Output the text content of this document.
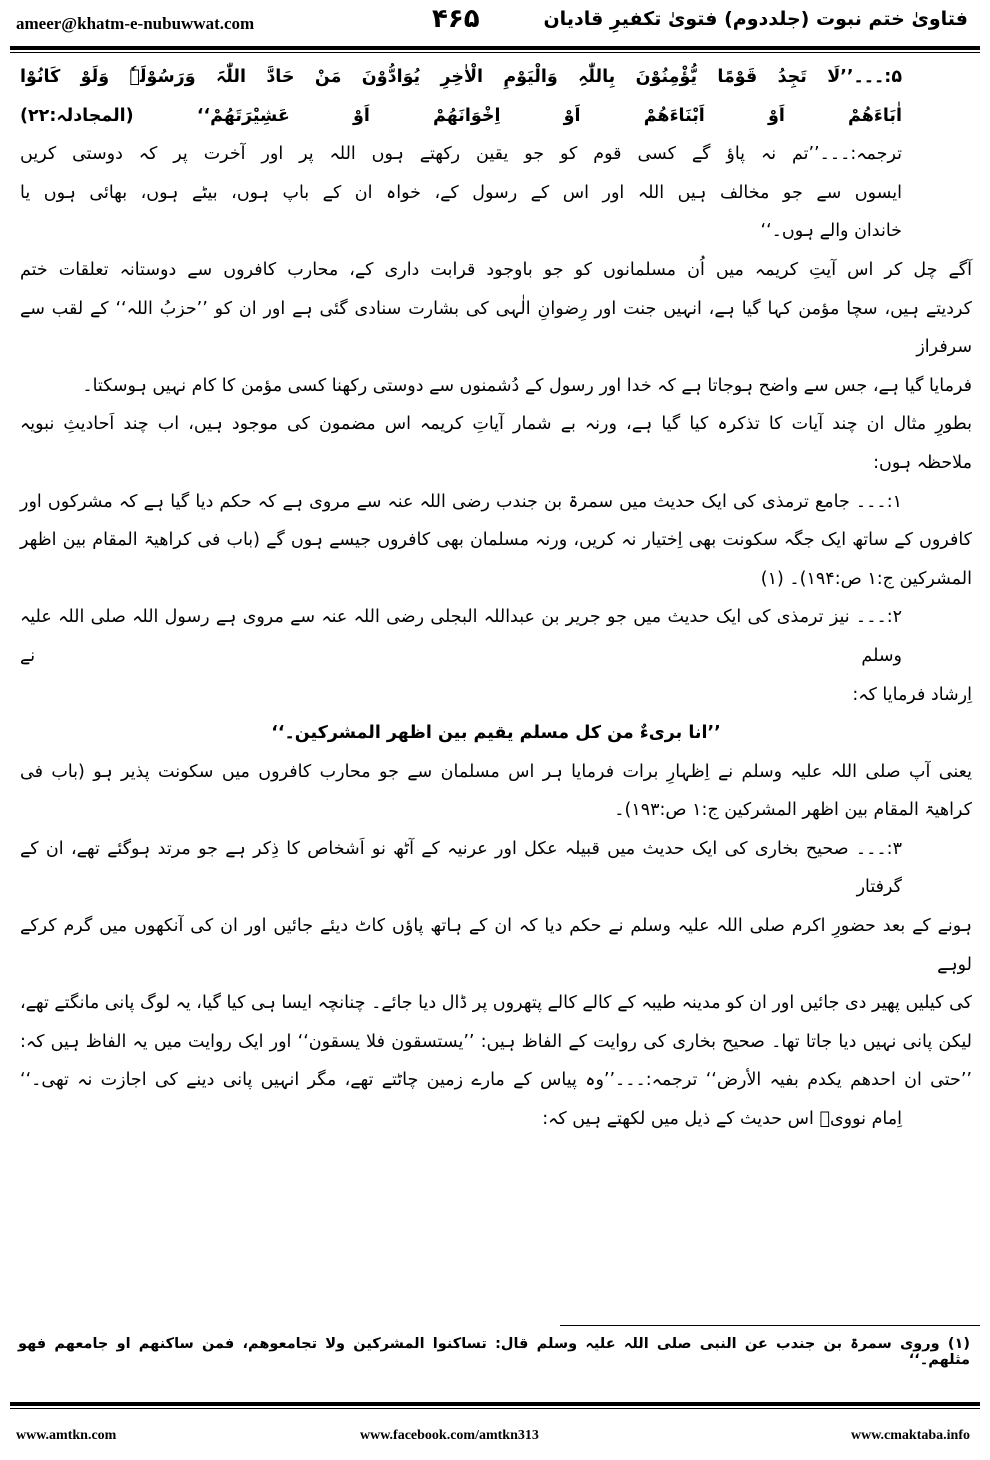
ameer@khatm-e-nubuwwat.com	۴۶۵	فتاویٰ ختم نبوت (جلددوم) فتویٰ تکفیرِ قادیان
۵:۔۔۔’’لَا تَجِدُ قَوْمًا یُّؤْمِنُوْنَ بِاللّٰہِ وَالْیَوْمِ الْاٰخِرِ یُوَادُّوْنَ مَنْ حَادَّ اللّٰہَ وَرَسُوْلَہٗ وَلَوْ کَانُوْا
اٰبَاءَھُمْ اَوْ اَبْنَاءَھُمْ اَوْ اِخْوَانَھُمْ اَوْ عَشِیْرَتَھُمْ‘‘ (المجادلہ:۲۲)
ترجمہ:۔۔۔’’تم نہ پاؤ گے کسی قوم کو جو یقین رکھتے ہوں اللہ پر اور آخرت پر کہ دوستی کریں
ایسوں سے جو مخالف ہیں اللہ اور اس کے رسول کے، خواہ ان کے باپ ہوں، بیٹے ہوں، بھائی ہوں یا
خاندان والے ہوں۔‘‘
آگے چل کر اس آیتِ کریمہ میں اُن مسلمانوں کو جو باوجود قرابت داری کے، محارب کافروں سے دوستانہ تعلقات ختم
کردیتے ہیں، سچا مؤمن کہا گیا ہے، انہیں جنت اور رِضوانِ الٰہی کی بشارت سنادی گئی ہے اور ان کو ’’حزبُ اللہ‘‘ کے لقب سے سرفراز
فرمایا گیا ہے، جس سے واضح ہوجاتا ہے کہ خدا اور رسول کے دُشمنوں سے دوستی رکھنا کسی مؤمن کا کام نہیں ہوسکتا۔
بطورِ مثال ان چند آیات کا تذکرہ کیا گیا ہے، ورنہ بے شمار آیاتِ کریمہ اس مضمون کی موجود ہیں، اب چند اَحادیثِ نبویہ
ملاحظہ ہوں:
۱:۔۔۔ جامع ترمذی کی ایک حدیث میں سمرۃ بن جندب رضی اللہ عنہ سے مروی ہے کہ حکم دیا گیا ہے کہ مشرکوں اور
کافروں کے ساتھ ایک جگہ سکونت بھی اِختیار نہ کریں، ورنہ مسلمان بھی کافروں جیسے ہوں گے (باب فی کراھیۃ المقام بین اظھر
المشرکین ج:۱ ص:۱۹۴)۔ (۱)
۲:۔۔۔ نیز ترمذی کی ایک حدیث میں جو جریر بن عبداللہ البجلی رضی اللہ عنہ سے مروی ہے رسول اللہ صلی اللہ علیہ وسلم نے
اِرشاد فرمایا کہ:
’’انا بریءٌ من کل مسلم یقیم بین اظھر المشرکین۔‘‘
یعنی آپ صلی اللہ علیہ وسلم نے اِظہارِ برات فرمایا ہر اس مسلمان سے جو محارب کافروں میں سکونت پذیر ہو (باب فی
کراھیۃ المقام بین اظھر المشرکین ج:۱ ص:۱۹۳)۔
۳:۔۔۔ صحیح بخاری کی ایک حدیث میں قبیلہ عکل اور عرنیہ کے آٹھ نو اَشخاص کا ذِکر ہے جو مرتد ہوگئے تھے، ان کے گرفتار
ہونے کے بعد حضورِ اکرم صلی اللہ علیہ وسلم نے حکم دیا کہ ان کے ہاتھ پاؤں کاٹ دیئے جائیں اور ان کی آنکھوں میں گرم کرکے لوہے
کی کیلیں پھیر دی جائیں اور ان کو مدینہ طیبہ کے کالے کالے پتھروں پر ڈال دیا جائے۔ چنانچہ ایسا ہی کیا گیا، یہ لوگ پانی مانگتے تھے،
لیکن پانی نہیں دیا جاتا تھا۔ صحیح بخاری کی روایت کے الفاظ ہیں: ’’یستسقون فلا یسقون‘‘ اور ایک روایت میں یہ الفاظ ہیں کہ:
’’حتی ان احدھم یکدم بفیہ الأرض‘‘ ترجمہ:۔۔۔’’وہ پیاس کے مارے زمین چاٹتے تھے، مگر انہیں پانی دینے کی اجازت نہ تھی۔‘‘
اِمام نوویؒ اس حدیث کے ذیل میں لکھتے ہیں کہ:
(۱) وروی سمرۃ بن جندب عن النبی صلی اللہ علیہ وسلم قال: تساکنوا المشرکین ولا تجامعوھم، فمن ساکنھم او جامعھم فھو مثلھم۔‘‘
www.amtkn.com	www.facebook.com/amtkn313	www.cmaktaba.info
